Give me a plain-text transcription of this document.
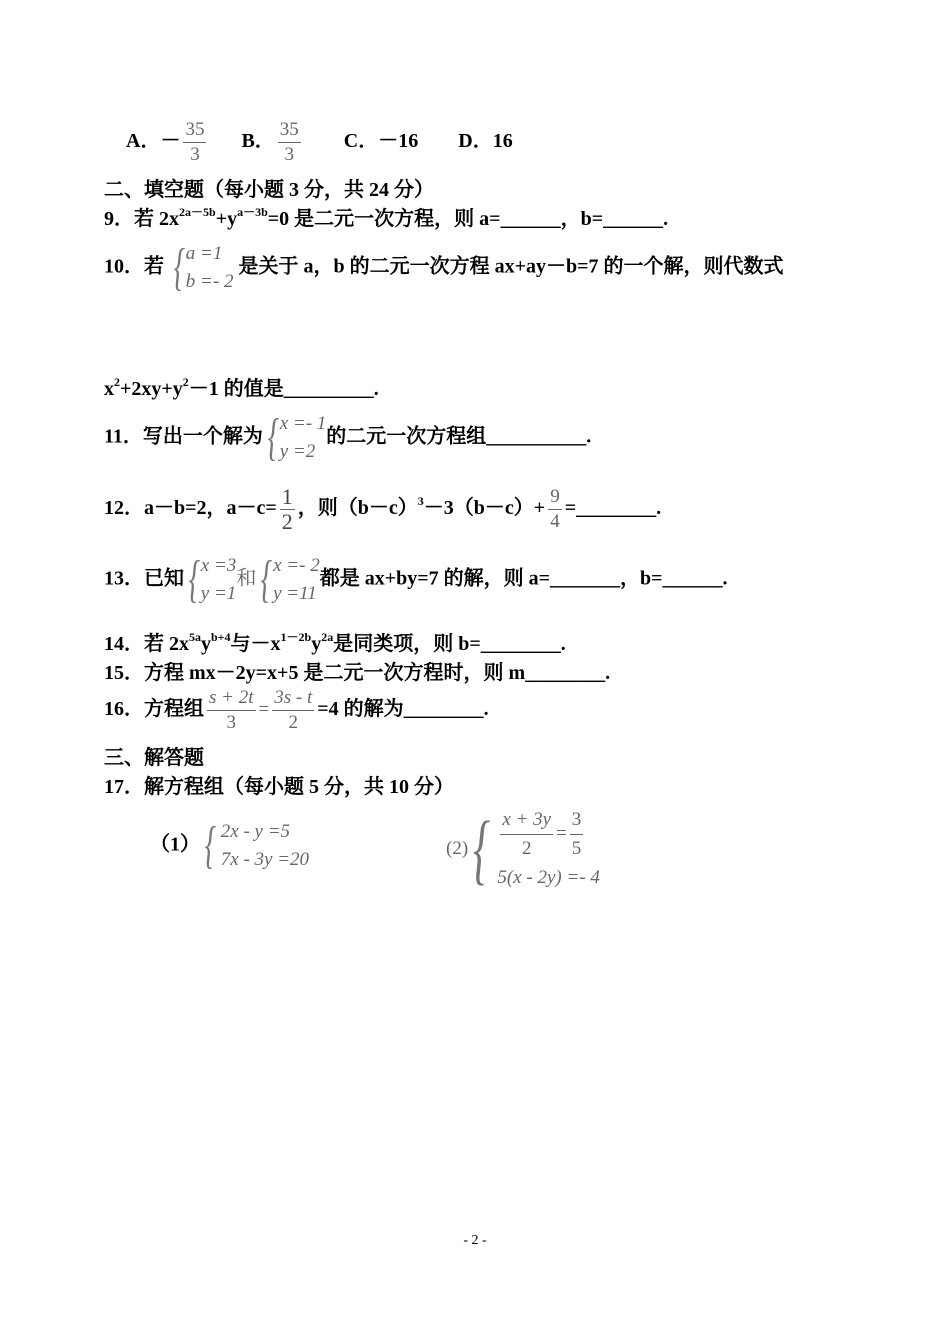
A．－ $\frac{35}{3}$ B． $\frac{35}{3}$ C．－16 D．16
二、填空题（每小题 3 分，共 24 分）
9．若 $2x^{2a-5b}+y^{a-3b}=0$ 是二元一次方程，则 a=______，b=______.
10．若 { a =1
b =- 2
是关于 a，b 的二元一次方程 ax+ay－b=7 的一个解，则代数式
$x^2+2xy+y^2-1$ 的值是_________.
11．写出一个解为 { x =- 1
y =2
的二元一次方程组__________.
12．a－b=2，$a-c= \frac{1}{2}$ ，则$(b-c)^3-3(b-c)+ \frac{9}{4}$ =________.
13．已知 { x =3
y =1
和 { x =- 2
y =11
都是 ax+by=7 的解，则 a=_______，b=______.
14．若 $2x^{5a}y^{b+4}$与$-x^{1-2b}y^{2a}$是同类项，则 b=________.
15．方程 mx－2y=x+5 是二元一次方程时，则 m________.
16．方程组 $\frac{s + 2t}{3} = \frac{3s - t}{2} =4$ 的解为________.
三、解答题
17．解方程组（每小题 5 分，共 10 分）
（1） { 2x - y =5
7x - 3y =20
(2) { $\frac{x + 3y}{2} = \frac{3}{5}$
5(x - 2y) =- 4
- 2 -
